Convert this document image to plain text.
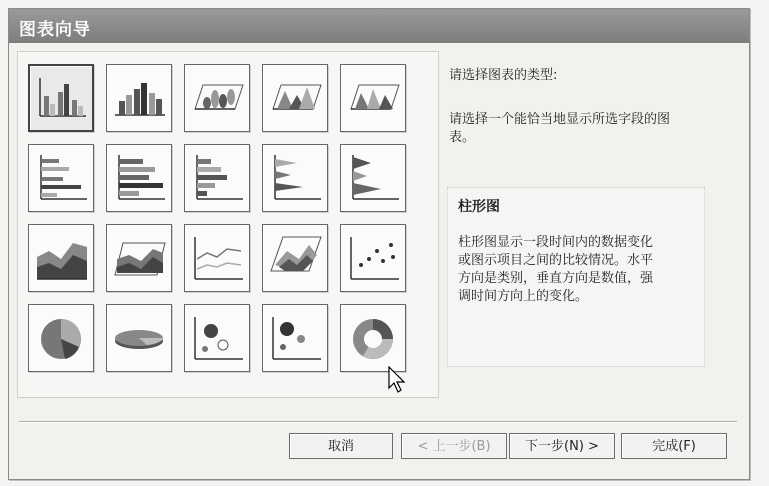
图表向导
请选择图表的类型:
请选择一个能恰当地显示所选字段的图
表。
柱形图
柱形图显示一段时间内的数据变化
或图示项目之间的比较情况。水平
方向是类别，垂直方向是数值，强
调时间方向上的变化。
取消	< 上一步(B)	下一步(N) >	完成(F)
